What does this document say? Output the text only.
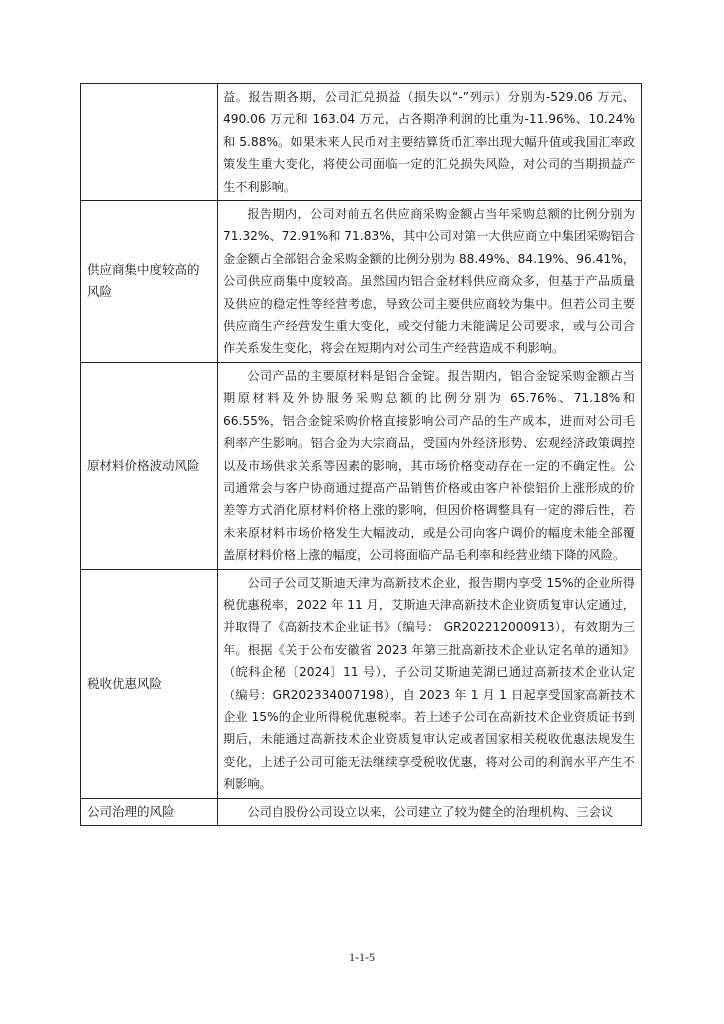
	益。报告期各期，公司汇兑损益（损失以“-”列示）分别为-529.06 万元、490.06 万元和 163.04 万元，占各期净利润的比重为-11.96%、10.24%和 5.88%。如果未来人民币对主要结算货币汇率出现大幅升值或我国汇率政策发生重大变化，将使公司面临一定的汇兑损失风险，对公司的当期损益产生不利影响。

供应商集中度较高的风险	报告期内，公司对前五名供应商采购金额占当年采购总额的比例分别为 71.32%、72.91%和 71.83%，其中公司对第一大供应商立中集团采购铝合金金额占全部铝合金采购金额的比例分别为 88.49%、84.19%、96.41%，公司供应商集中度较高。虽然国内铝合金材料供应商众多，但基于产品质量及供应的稳定性等经营考虑，导致公司主要供应商较为集中。但若公司主要供应商生产经营发生重大变化，或交付能力未能满足公司要求，或与公司合作关系发生变化，将会在短期内对公司生产经营造成不利影响。

原材料价格波动风险	公司产品的主要原材料是铝合金锭。报告期内，铝合金锭采购金额占当期原材料及外协服务采购总额的比例分别为 65.76%、71.18%和 66.55%，铝合金锭采购价格直接影响公司产品的生产成本，进而对公司毛利率产生影响。铝合金为大宗商品，受国内外经济形势、宏观经济政策调控以及市场供求关系等因素的影响，其市场价格变动存在一定的不确定性。公司通常会与客户协商通过提高产品销售价格或由客户补偿铝价上涨形成的价差等方式消化原材料价格上涨的影响，但因价格调整具有一定的滞后性，若未来原材料市场价格发生大幅波动，或是公司向客户调价的幅度未能全部覆盖原材料价格上涨的幅度，公司将面临产品毛利率和经营业绩下降的风险。

税收优惠风险	公司子公司艾斯迪天津为高新技术企业，报告期内享受 15%的企业所得税优惠税率，2022 年 11 月，艾斯迪天津高新技术企业资质复审认定通过，并取得了《高新技术企业证书》（编号： GR202212000913），有效期为三年。根据《关于公布安徽省 2023 年第三批高新技术企业认定名单的通知》（皖科企秘〔2024〕11 号），子公司艾斯迪芜湖已通过高新技术企业认定（编号：GR202334007198），自 2023 年 1 月 1 日起享受国家高新技术企业 15%的企业所得税优惠税率。若上述子公司在高新技术企业资质证书到期后，未能通过高新技术企业资质复审认定或者国家相关税收优惠法规发生变化，上述子公司可能无法继续享受税收优惠，将对公司的利润水平产生不利影响。

公司治理的风险	公司自股份公司设立以来，公司建立了较为健全的治理机构、三会议

1-1-5
